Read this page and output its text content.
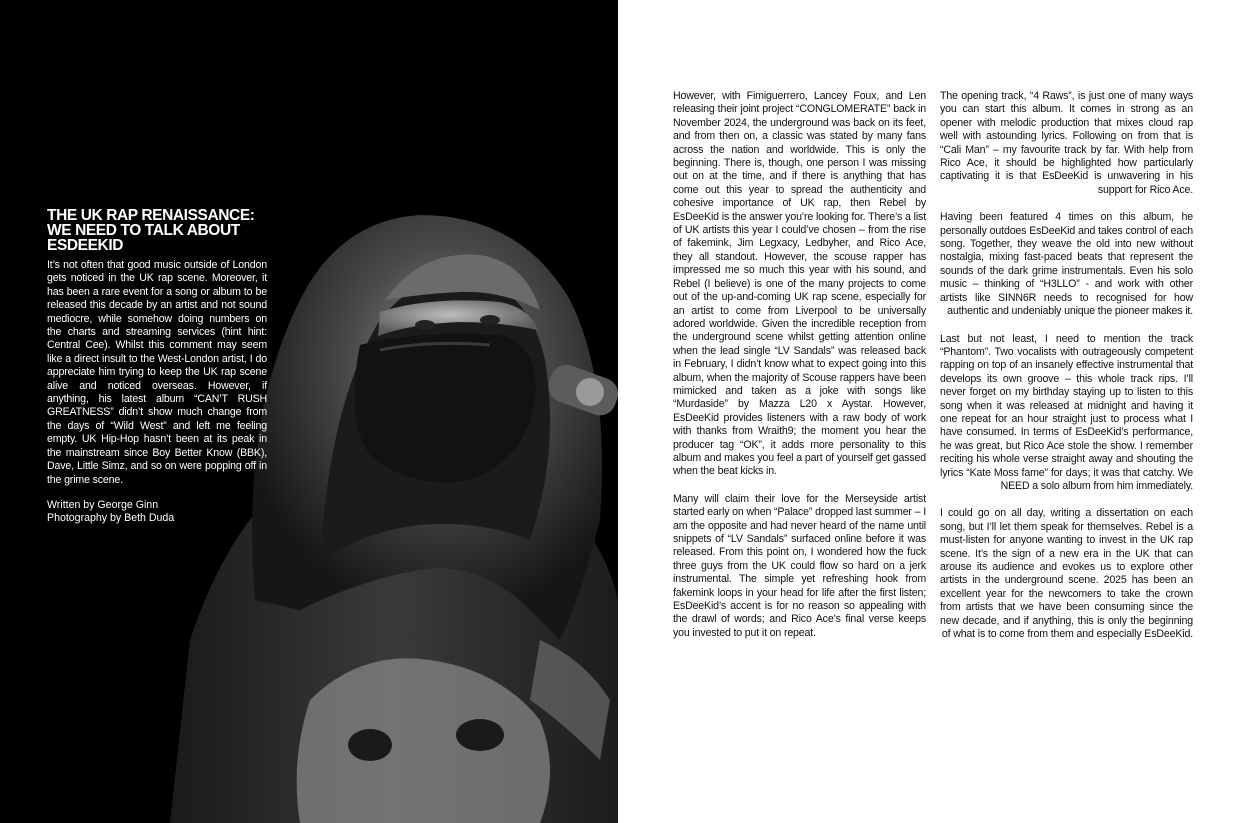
THE UK RAP RENAISSANCE: WE NEED TO TALK ABOUT ESDEEKID

It’s not often that good music outside of London gets noticed in the UK rap scene. Moreover, it has been a rare event for a song or album to be released this decade by an artist and not sound mediocre, while somehow doing numbers on the charts and streaming services (hint hint: Central Cee). Whilst this comment may seem like a direct insult to the West-London artist, I do appreciate him trying to keep the UK rap scene alive and noticed overseas. However, if anything, his latest album “CAN’T RUSH GREATNESS” didn’t show much change from the days of “Wild West” and left me feeling empty. UK Hip-Hop hasn’t been at its peak in the mainstream since Boy Better Know (BBK), Dave, Little Simz, and so on were popping off in the grime scene.

Written by George Ginn
Photography by Beth Duda

However, with Fimiguerrero, Lancey Foux, and Len releasing their joint project “CONGLOMERATE” back in November 2024, the underground was back on its feet, and from then on, a classic was stated by many fans across the nation and worldwide. This is only the beginning. There is, though, one person I was missing out on at the time, and if there is anything that has come out this year to spread the authenticity and cohesive importance of UK rap, then Rebel by EsDeeKid is the answer you’re looking for. There’s a list of UK artists this year I could’ve chosen – from the rise of fakemink, Jim Legxacy, Ledbyher, and Rico Ace, they all standout. However, the scouse rapper has impressed me so much this year with his sound, and Rebel (I believe) is one of the many projects to come out of the up-and-coming UK rap scene, especially for an artist to come from Liverpool to be universally adored worldwide. Given the incredible reception from the underground scene whilst getting attention online when the lead single “LV Sandals” was released back in February, I didn’t know what to expect going into this album, when the majority of Scouse rappers have been mimicked and taken as a joke with songs like “Murdaside” by Mazza L20 x Aystar. However, EsDeeKid provides listeners with a raw body of work with thanks from Wraith9; the moment you hear the producer tag “OK”, it adds more personality to this album and makes you feel a part of yourself get gassed when the beat kicks in.

Many will claim their love for the Merseyside artist started early on when “Palace” dropped last summer – I am the opposite and had never heard of the name until snippets of “LV Sandals” surfaced online before it was released. From this point on, I wondered how the fuck three guys from the UK could flow so hard on a jerk instrumental. The simple yet refreshing hook from fakemink loops in your head for life after the first listen; EsDeeKid’s accent is for no reason so appealing with the drawl of words; and Rico Ace’s final verse keeps you invested to put it on repeat.

The opening track, “4 Raws”, is just one of many ways you can start this album. It comes in strong as an opener with melodic production that mixes cloud rap well with astounding lyrics. Following on from that is “Cali Man” – my favourite track by far. With help from Rico Ace, it should be highlighted how particularly captivating it is that EsDeeKid is unwavering in his support for Rico Ace.

Having been featured 4 times on this album, he personally outdoes EsDeeKid and takes control of each song. Together, they weave the old into new without nostalgia, mixing fast-paced beats that represent the sounds of the dark grime instrumentals. Even his solo music – thinking of “H3LLO” - and work with other artists like SINN6R needs to recognised for how authentic and undeniably unique the pioneer makes it.

Last but not least, I need to mention the track “Phantom”. Two vocalists with outrageously competent rapping on top of an insanely effective instrumental that develops its own groove – this whole track rips. I’ll never forget on my birthday staying up to listen to this song when it was released at midnight and having it one repeat for an hour straight just to process what I have consumed. In terms of EsDeeKid’s performance, he was great, but Rico Ace stole the show. I remember reciting his whole verse straight away and shouting the lyrics “Kate Moss fame” for days; it was that catchy. We NEED a solo album from him immediately.

I could go on all day, writing a dissertation on each song, but I’ll let them speak for themselves. Rebel is a must-listen for anyone wanting to invest in the UK rap scene. It’s the sign of a new era in the UK that can arouse its audience and evokes us to explore other artists in the underground scene. 2025 has been an excellent year for the newcomers to take the crown from artists that we have been consuming since the new decade, and if anything, this is only the beginning of what is to come from them and especially EsDeeKid.
